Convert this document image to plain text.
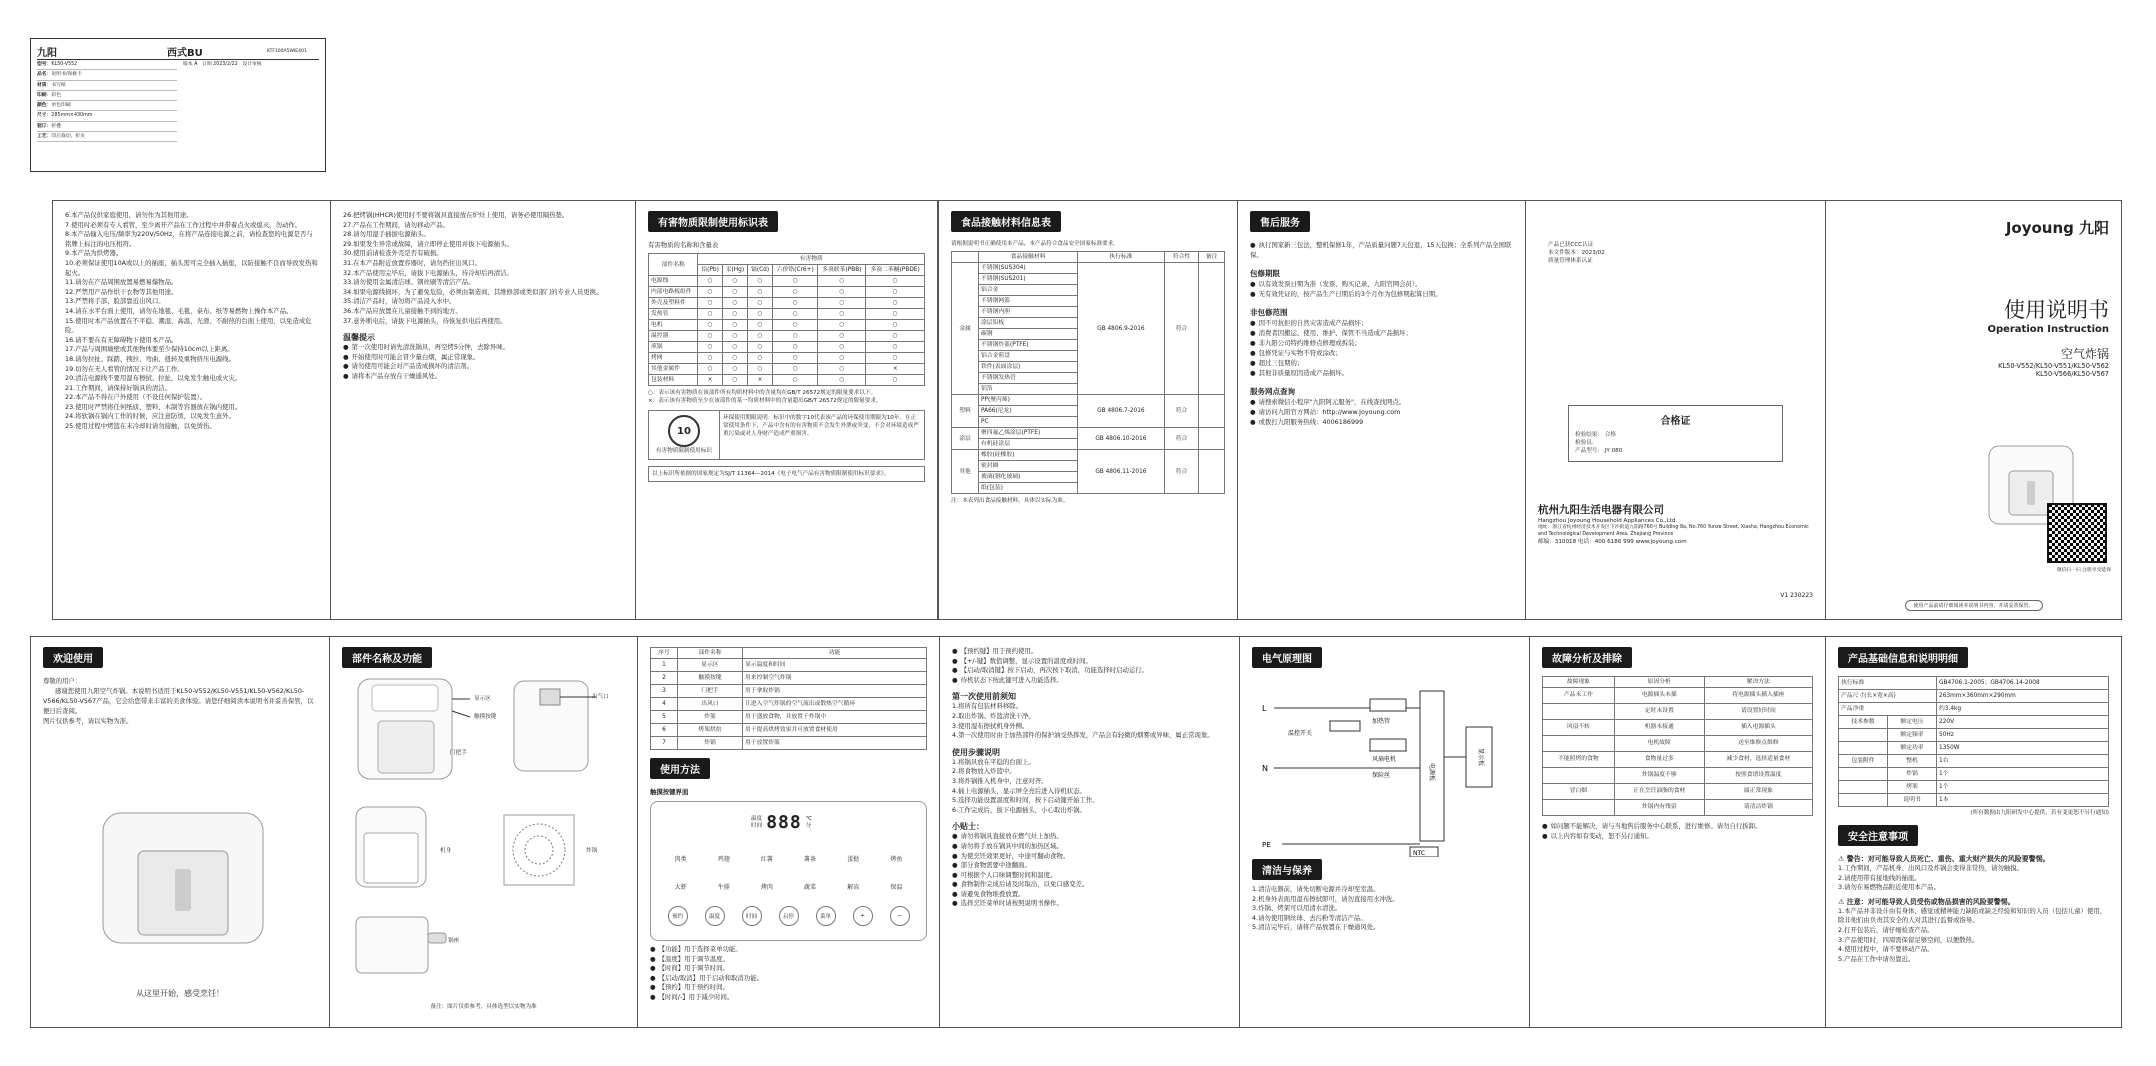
九阳	西式BU	KTF100A5WIE401
型号：KL50-V552
品名：说明书/保修卡
材质：书写纸
印刷：彩色
颜色：单色印刷
尺寸：285mm×430mm
装订：折叠
工艺：印后裁切，折页
版本 A 日期 2023/2/22 设计审核
6.本产品仅供家庭使用，请勿作为其他用途。
7.使用时必须有专人看管，至少离开产品在工作过程中并带着点火或熄灭，勿动作。
8.本产品输入电压/频率为220V/50Hz，在将产品连接电源之前，请检查您的电源是否与铭牌上标注的电压相符。
9.本产品为烘烤器。
10.必须保证使用10A或以上的插座，插头需可完全插入插座，以防接触不良而导致发热和起火。
11.请勿在产品周围放置易燃易爆物品。
12.严禁用产品作烘干衣物等其他用途。
13.严禁将手部、脸部靠近出风口。
14.请在水平台面上使用，请勿在地毯、毛毯、桌布、纸等易燃物上操作本产品。
15.使用时本产品放置在不平稳、潮湿、高温、光滑、不耐热的台面上使用，以免造成危险。
16.请不要在有无障碍物下使用本产品。
17.产品与周围墙壁或其他物体要至少保持10cm以上距离。
18.请勿拉扯、踩踏、拽拉、弯曲、扭转及重物挤压电源线。
19.切勿在无人看管的情况下让产品工作。
20.清洁电源线不要用湿布擦拭、拉扯，以免发生触电或火灾。
21.工作期间，请保持好锅具的清洁。
22.本产品不得在户外使用（不设任何保护装置）。
23.使用时严禁将任何纸质、塑料、木制等容器放在锅内使用。
24.将软锅在锅内工作的时候，应注意防烫，以免发生意外。
25.使用过程中烤篮在未冷却时请勿接触，以免烫伤。
26.把烤锅(HHCR)使用时不要将锅具直接放在炉灶上使用，请务必使用隔热垫。
27.产品在工作期间，请勿移动产品。
28.请勿用湿手插拔电源插头。
29.如果发生异常或故障，请立即停止使用并拔下电源插头。
30.使用前请检查外壳是否有破损。
31.在本产品附近放置容器时，请勿挡住出风口。
32.本产品使用完毕后，请拔下电源插头，待冷却后再清洁。
33.请勿使用金属清洁球、钢丝刷等清洁产品。
34.如果电源线损坏，为了避免危险，必须由制造商、其维修部或类似部门的专业人员更换。
35.清洁产品时，请勿将产品浸入水中。
36.本产品应放置在儿童接触不到的地方。
37.意外断电后，请拔下电源插头，待恢复供电后再使用。
温馨提示
● 第一次使用时请先清洗锅具，再空烤5分钟，去除异味。
● 开始使用时可能会冒少量白烟，属正常现象。
● 请勿使用可能会对产品造成损坏的清洁剂。
● 请将本产品存放在干燥通风处。
有害物质限制使用标识表
有害物质的名称和含量表
部件名称	有害物质					
	铅(Pb)	汞(Hg)	镉(Cd)	六价铬(Cr6+)	多溴联苯(PBB)	多溴二苯醚(PBDE)
电源线	○	○	○	○	○	○
内部电路板组件	○	○	○	○	○	○
外壳及塑料件	○	○	○	○	○	○
发热管	○	○	○	○	○	○
电机	○	○	○	○	○	○
温控器	○	○	○	○	○	○
煎锅	○	○	○	○	○	○
烤网	○	○	○	○	○	○
其他金属件	○	○	○	○	○	×
包装材料	×	○	×	○	○	○
○：表示该有害物质在该部件所有均质材料中的含量均在GB/T 26572规定的限量要求以下。
×：表示该有害物质至少在该部件的某一均质材料中的含量超出GB/T 26572规定的限量要求。
10
有害物质限制使用标识
环保使用期限说明：标识中的数字10代表该产品的环保使用期限为10年。在正常使用条件下，产品中含有的有害物质不会发生外泄或突变，不会对环境造成严重污染或对人身财产造成严重损害。
以上标识所依据的国家规定为SJ/T 11364—2014《电子电气产品有害物质限制使用标识要求》。
食品接触材料信息表
请根据说明书正确使用本产品，本产品符合食品安全国家标准要求。
	食品接触材料	执行标准	符合性	备注
金属	不锈钢(SUS304)	GB 4806.9-2016	符合	
	不锈钢(SUS201)			
	铝合金			
	不锈钢网篮			
	不锈钢内胆			
	涂层铝板			
	碳钢			
	不锈钢炸篮(PTFE)			
	铝合金煎盘			
	铁件(表面涂层)			
	不锈钢发热管			
	铝箔			
塑料	PP(聚丙烯)	GB 4806.7-2016	符合	
	PA66(尼龙)			
	PC			
涂层	聚四氟乙烯涂层(PTFE)	GB 4806.10-2016	符合	
	有机硅涂层			
其他	橡胶(硅橡胶)	GB 4806.11-2016	符合	
	密封圈			
	玻璃(钢化玻璃)			
	纸(包装)			
注：本表列出食品接触材料，具体以实际为准。
售后服务
● 执行国家新三包法，整机保修1年，产品质量问题7天包退，15天包换；全系列产品全国联保。
包修期限
● 以有效发票日期为准（发票、购买记录、九阳官网会员）。
● 无有效凭证的，按产品生产日期后的3个月作为包修期起算日期。
非包修范围
● 因不可抗拒的自然灾害造成产品损坏；
● 消费者因搬运、使用、维护、保管不当造成产品损坏；
● 非九阳公司特约维修点修理或拆装；
● 包修凭证与实物不符或涂改；
● 超过三包期的；
● 其他非质量原因造成产品损坏。
服务网点查询
● 请搜索微信小程序"九阳阿元服务"，在线查找网点。
● 请访问九阳官方网站：http://www.joyoung.com
● 或拨打九阳服务热线：4006186999
产品已获CCC认证
本文件版本：2023/02
质量管理体系认证
合格证
检验结果： 合格
检验员：
产品型号： JY 080
杭州九阳生活电器有限公司
Hangzhou Joyoung Household Appliances Co.,Ltd.
地址：浙江省杭州经济技术开发区下沙街道九阳路760号 Building 8a, No.760 Yunze Street, Xiasha, Hangzhou Economic and Technological Development Area, Zhejiang Province
邮编：310018 电话：400 6186 999 www.joyoung.com
V1 230223
Joyoung 九阳
使用说明书
Operation Instruction
空气炸锅
KL50-V552/KL50-V551/KL50-V562
KL50-V566/KL50-V567
微信扫一扫 注册享受延保
使用产品前请仔细阅读本说明书内容，并请妥善保管。
欢迎使用

尊敬的用户：

感谢您使用九阳空气炸锅。本说明书适用于KL50-V552/KL50-V551/KL50-V562/KL50-V566/KL50-V567产品，它会给您带来丰富的美食体验。请您仔细阅读本说明书并妥善保管，以便日后查阅。

图片仅供参考，请以实物为准。

从这里开始，感受烹饪！
部件名称及功能
显示区
触摸按键
门把手
出气口
机身	炸锅
锅座
备注：图片仅供参考，具体选型以实物为准
序号	部件名称	功能
1	显示区	显示温度和时间
2	触摸按键	用来控制空气炸锅
3	门把手	用于拿取炸锅
4	出风口	让进入空气炸锅的空气流出或散热空气循环
5	炸篮	用于盛放食物，并放置于炸锅中
6	烤架烘焙	用于提高烘烤效果并可放置食材使用
7	炸锅	用于放置炸篮
使用方法
触摸按键界面
温度
时间 888 ℃
分
肉类	鸡翅	红薯	薯条	蛋挞	烤鱼
大虾	牛排	烤肉	蔬菜	解冻	保温
预约	温度	时间	启停	菜单	+	−
● 【功能】用于选择菜单功能。
● 【温度】用于调节温度。
● 【时间】用于调节时间。
● 【启动/取消】用于启动和取消功能。
● 【预约】用于预约时间。
● 【时间/-】用于减少时间。
● 【预约键】用于预约使用。
● 【+/-键】数值调整，显示设置的温度或时间。
● 【启动/取消键】按下启动，再次按下取消，功能选择时启动运行。
● 待机状态下按此键可进入功能选择。
第一次使用前须知
1.将所有包装材料移除。
2.取出炸锅、炸篮清洗干净。
3.使用湿布擦拭机身外侧。
4.第一次使用时由于加热部件的保护油受热挥发，产品会有轻微的烟雾或异味，属正常现象。
使用步骤说明
1.将锅具放在平稳的台面上。
2.将食物放入炸篮中。
3.将炸锅推入机身中，注意对齐。
4.插上电源插头，显示屏全亮后进入待机状态。
5.选择功能设置温度和时间，按下启动键开始工作。
6.工作完成后，拔下电源插头，小心取出炸锅。
小贴士：
● 请勿将锅具直接放在燃气灶上加热。
● 请勿将手放在锅具中间的加热区域。
● 为使烹饪效果更好，中途可翻动食物。
● 部分食物需要中途翻面。
● 可根据个人口味调整时间和温度。
● 食物制作完成后请及时取出，以免口感变差。
● 请避免食物堆叠放置。
● 选择烹饪菜单时请按照说明书操作。
电气原理图
L
N
PE
温控开关
加热管
风扇电机
保险丝	电源板
显示板
NTC
清洁与保养
1.清洁电器前，请先切断电源并冷却至室温。
2.机身外表面用湿布擦拭即可，请勿直接用水冲洗。
3.炸锅、烤架可以用清水清洗。
4.请勿使用钢丝球、去污粉等清洁产品。
5.清洁完毕后，请将产品放置在干燥通风处。
故障分析及排除
故障现象	原因分析	解决方法
产品未工作	电源插头未插	将电源插头插入插座
	定时未设置	请设置好时间
风扇不转	机器未接通	插入电源插头
	电机故障	送至维修点维修
不能照烤的食物	食物量过多	减少食材，选择适量食材
	炸锅温度不够	按照食谱设置温度
冒白烟	正在烹饪油脂的食材	属正常现象
	炸锅内有残留	请清洁炸锅
● 如问题不能解决，请与当地售后服务中心联系，进行维修。请勿自行拆卸。
● 以上内容如有变动，恕不另行通知。
产品基础信息和说明明细
执行标准		GB4706.1-2005；GB4706.14-2008
产品尺寸(长×宽×高)		263mm×360mm×290mm
产品净重		约3.4kg
技术参数	额定电压	220V
	额定频率	50Hz
	额定功率	1350W
包装附件	整机	1台
	炸锅	1个
	烤架	1个
	说明书	1本
(所有数据由九阳研发中心提供，若有变更恕不另行通知)
安全注意事项
⚠ 警告：对可能导致人员死亡、重伤、重大财产损失的风险要警惕。
1.工作期间，产品机身、出风口及炸锅会变得非常热，请勿触摸。
2.请使用带有接地线的插座。
3.请勿在易燃物品附近使用本产品。
⚠ 注意：对可能导致人员受伤或物品损害的风险要警惕。
1.本产品并非设计由有身体、感觉或精神能力缺陷或缺乏经验和知识的人员（包括儿童）使用，除非他们由负责其安全的人对其进行监督或指导。
2.打开包装后，请仔细检查产品。
3.产品使用时，四周需保留足够空间，以便散热。
4.使用过程中，请不要移动产品。
5.产品在工作中请勿靠近。
